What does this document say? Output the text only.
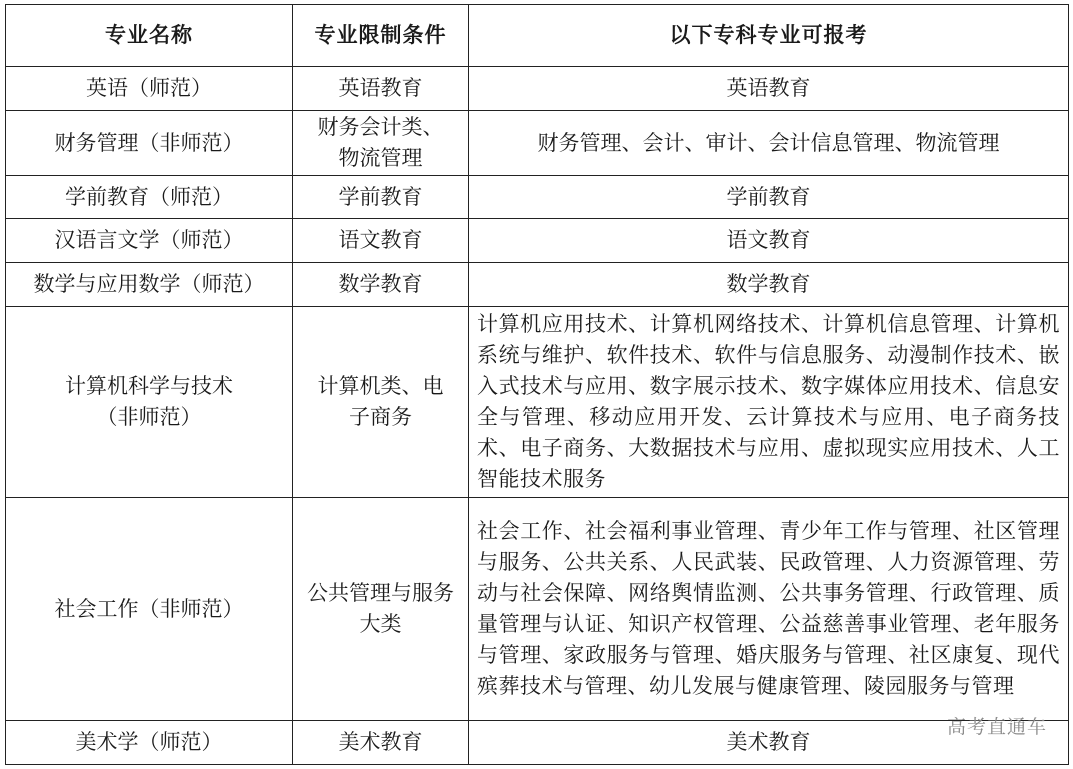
专业名称	专业限制条件	以下专科专业可报考
英语（师范）	英语教育	英语教育
财务管理（非师范）	财务会计类、物流管理	财务管理、会计、审计、会计信息管理、物流管理
学前教育（师范）	学前教育	学前教育
汉语言文学（师范）	语文教育	语文教育
数学与应用数学（师范）	数学教育	数学教育
计算机科学与技术（非师范）	计算机类、电子商务	计算机应用技术、计算机网络技术、计算机信息管理、计算机系统与维护、软件技术、软件与信息服务、动漫制作技术、嵌入式技术与应用、数字展示技术、数字媒体应用技术、信息安全与管理、移动应用开发、云计算技术与应用、电子商务技术、电子商务、大数据技术与应用、虚拟现实应用技术、人工智能技术服务
社会工作（非师范）	公共管理与服务大类	社会工作、社会福利事业管理、青少年工作与管理、社区管理与服务、公共关系、人民武装、民政管理、人力资源管理、劳动与社会保障、网络舆情监测、公共事务管理、行政管理、质量管理与认证、知识产权管理、公益慈善事业管理、老年服务与管理、家政服务与管理、婚庆服务与管理、社区康复、现代殡葬技术与管理、幼儿发展与健康管理、陵园服务与管理
美术学（师范）	美术教育	美术教育
高考直通车
